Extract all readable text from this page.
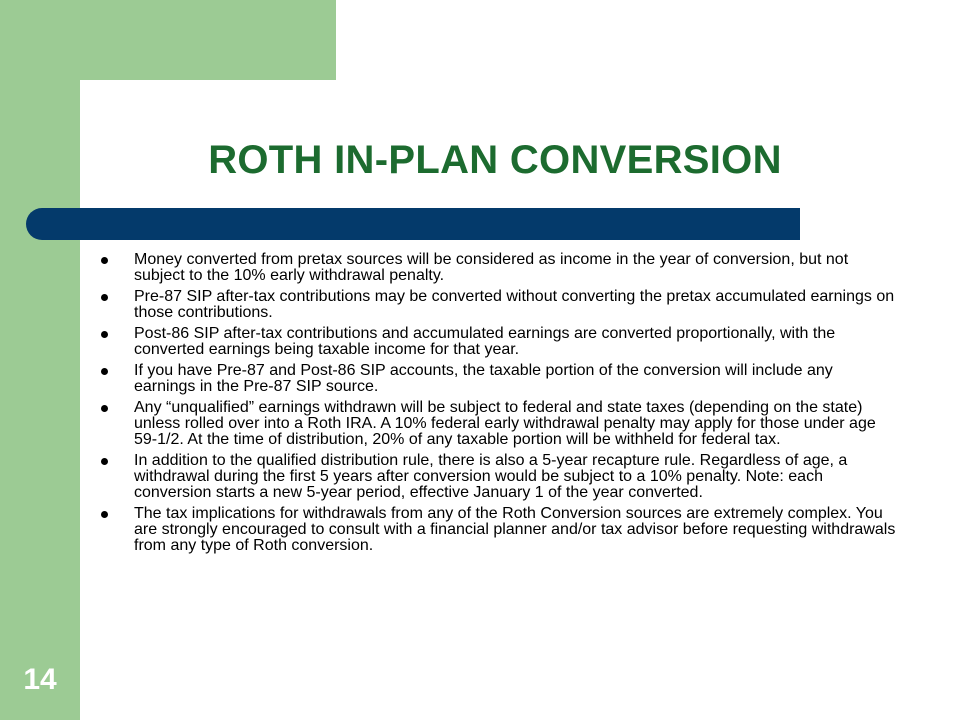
ROTH IN-PLAN CONVERSION
Money converted from pretax sources will be considered as income in the year of conversion, but not subject to the 10% early withdrawal penalty.
Pre-87 SIP after-tax contributions may be converted without converting the pretax accumulated earnings on those contributions.
Post-86 SIP after-tax contributions and accumulated earnings are converted proportionally, with the converted earnings being taxable income for that year.
If you have Pre-87 and Post-86 SIP accounts, the taxable portion of the conversion will include any earnings in the Pre-87 SIP source.
Any “unqualified” earnings withdrawn will be subject to federal and state taxes (depending on the state) unless rolled over into a Roth IRA. A 10% federal early withdrawal penalty may apply for those under age 59-1/2. At the time of distribution, 20% of any taxable portion will be withheld for federal tax.
In addition to the qualified distribution rule, there is also a 5-year recapture rule. Regardless of age, a withdrawal during the first 5 years after conversion would be subject to a 10% penalty. Note: each conversion starts a new 5-year period, effective January 1 of the year converted.
The tax implications for withdrawals from any of the Roth Conversion sources are extremely complex. You are strongly encouraged to consult with a financial planner and/or tax advisor before requesting withdrawals from any type of Roth conversion.
14
